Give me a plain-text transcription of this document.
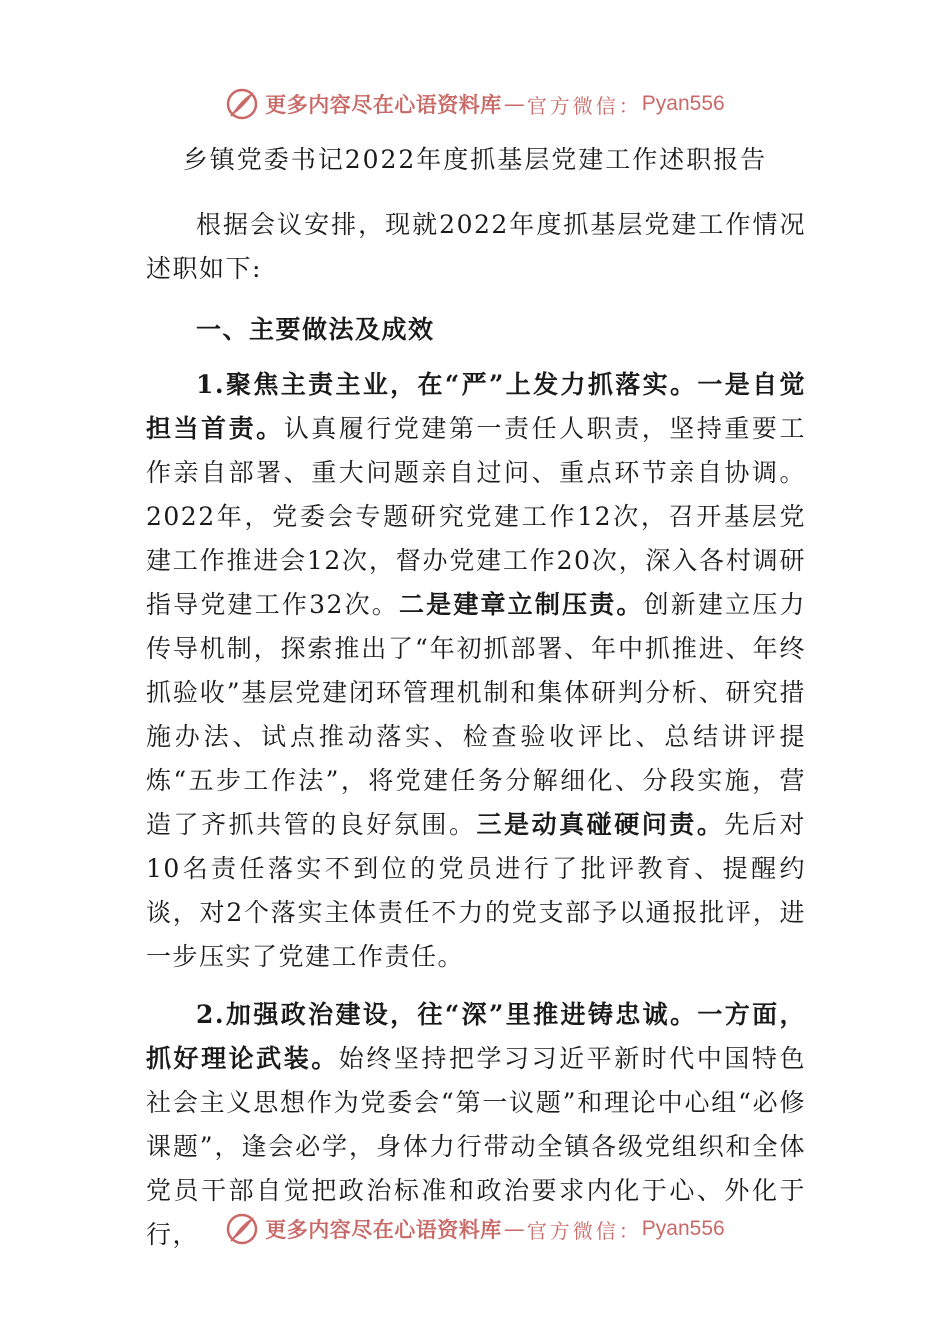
更多内容尽在心语资料库 — 官方微信： Pyan556
乡镇党委书记2022年度抓基层党建工作述职报告

根据会议安排，现就2022年度抓基层党建工作情况述职如下:

一、主要做法及成效

1.聚焦主责主业，在“严”上发力抓落实。一是自觉担当首责。认真履行党建第一责任人职责，坚持重要工作亲自部署、重大问题亲自过问、重点环节亲自协调。2022年，党委会专题研究党建工作12次，召开基层党建工作推进会12次，督办党建工作20次，深入各村调研指导党建工作32次。二是建章立制压责。创新建立压力传导机制，探索推出了“年初抓部署、年中抓推进、年终抓验收”基层党建闭环管理机制和集体研判分析、研究措施办法、试点推动落实、检查验收评比、总结讲评提炼“五步工作法”，将党建任务分解细化、分段实施，营造了齐抓共管的良好氛围。三是动真碰硬问责。先后对10名责任落实不到位的党员进行了批评教育、提醒约谈，对2个落实主体责任不力的党支部予以通报批评，进一步压实了党建工作责任。

2.加强政治建设，往“深”里推进铸忠诚。一方面，抓好理论武装。始终坚持把学习习近平新时代中国特色社会主义思想作为党委会“第一议题”和理论中心组“必修课题”，逢会必学，身体力行带动全镇各级党组织和全体党员干部自觉把政治标准和政治要求内化于心、外化于行，	更多内容尽在心语资料库 — 官方微信： Pyan556
